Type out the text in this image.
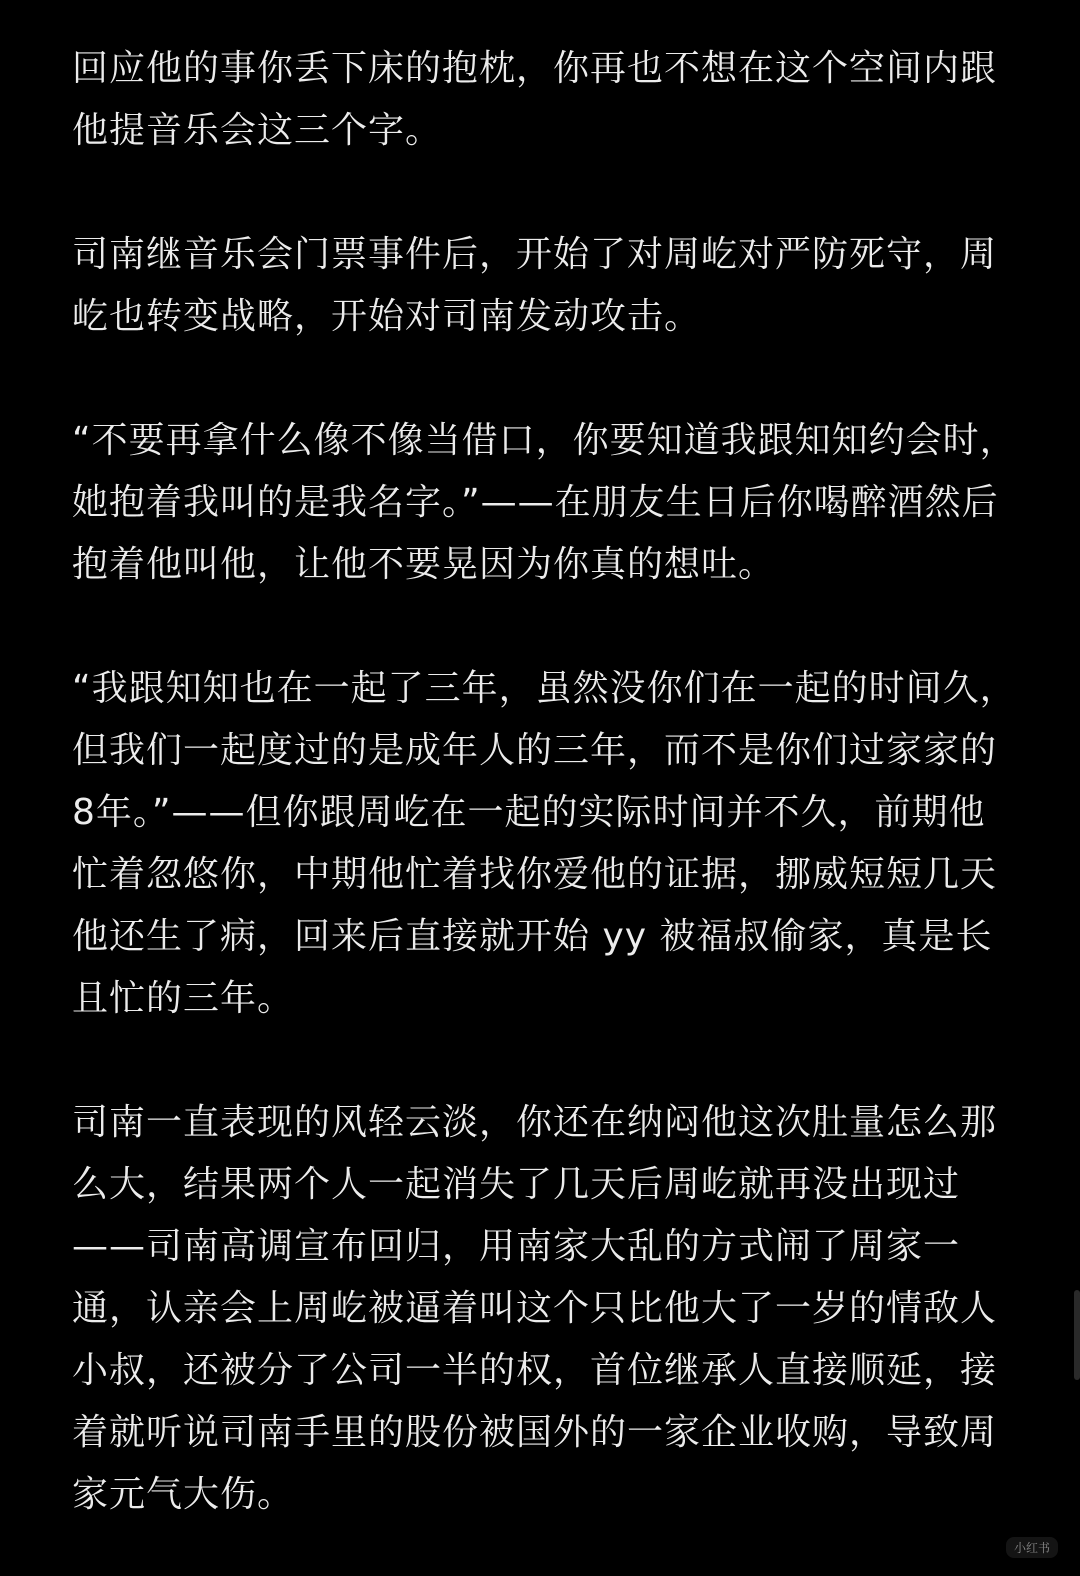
回应他的事你丢下床的抱枕，你再也不想在这个空间内跟他提音乐会这三个字。

司南继音乐会门票事件后，开始了对周屹对严防死守，周屹也转变战略，开始对司南发动攻击。

“不要再拿什么像不像当借口，你要知道我跟知知约会时，她抱着我叫的是我名字。”——在朋友生日后你喝醉酒然后抱着他叫他，让他不要晃因为你真的想吐。

“我跟知知也在一起了三年，虽然没你们在一起的时间久，但我们一起度过的是成年人的三年，而不是你们过家家的8年。”——但你跟周屹在一起的实际时间并不久，前期他忙着忽悠你，中期他忙着找你爱他的证据，挪威短短几天他还生了病，回来后直接就开始 yy 被福叔偷家，真是长且忙的三年。

司南一直表现的风轻云淡，你还在纳闷他这次肚量怎么那么大，结果两个人一起消失了几天后周屹就再没出现过——司南高调宣布回归，用南家大乱的方式闹了周家一通，认亲会上周屹被逼着叫这个只比他大了一岁的情敌人小叔，还被分了公司一半的权，首位继承人直接顺延，接着就听说司南手里的股份被国外的一家企业收购，导致周家元气大伤。

小红书
